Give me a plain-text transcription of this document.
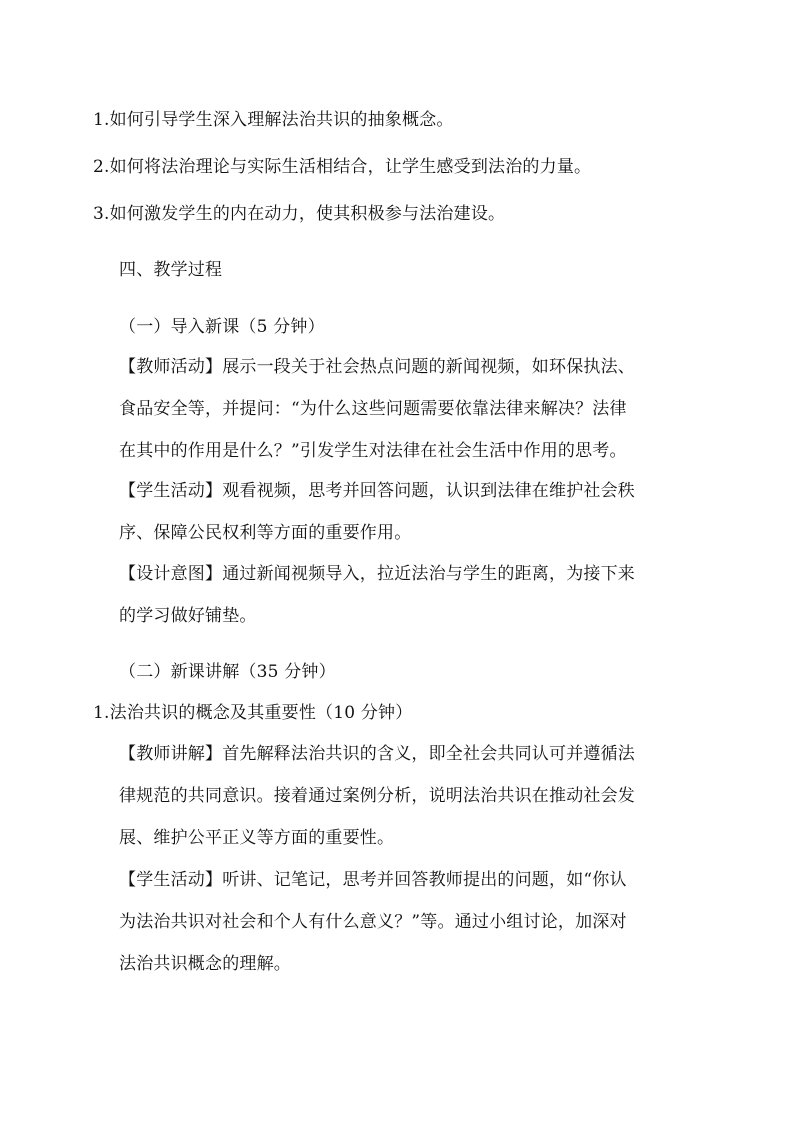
1.如何引导学生深入理解法治共识的抽象概念。
2.如何将法治理论与实际生活相结合，让学生感受到法治的力量。
3.如何激发学生的内在动力，使其积极参与法治建设。
四、教学过程
（一）导入新课（5 分钟）
【教师活动】展示一段关于社会热点问题的新闻视频，如环保执法、
食品安全等，并提问：“为什么这些问题需要依靠法律来解决？法律
在其中的作用是什么？”引发学生对法律在社会生活中作用的思考。
【学生活动】观看视频，思考并回答问题，认识到法律在维护社会秩
序、保障公民权利等方面的重要作用。
【设计意图】通过新闻视频导入，拉近法治与学生的距离，为接下来
的学习做好铺垫。
（二）新课讲解（35 分钟）
1.法治共识的概念及其重要性（10 分钟）
【教师讲解】首先解释法治共识的含义，即全社会共同认可并遵循法
律规范的共同意识。接着通过案例分析，说明法治共识在推动社会发
展、维护公平正义等方面的重要性。
【学生活动】听讲、记笔记，思考并回答教师提出的问题，如“你认
为法治共识对社会和个人有什么意义？”等。通过小组讨论，加深对
法治共识概念的理解。
